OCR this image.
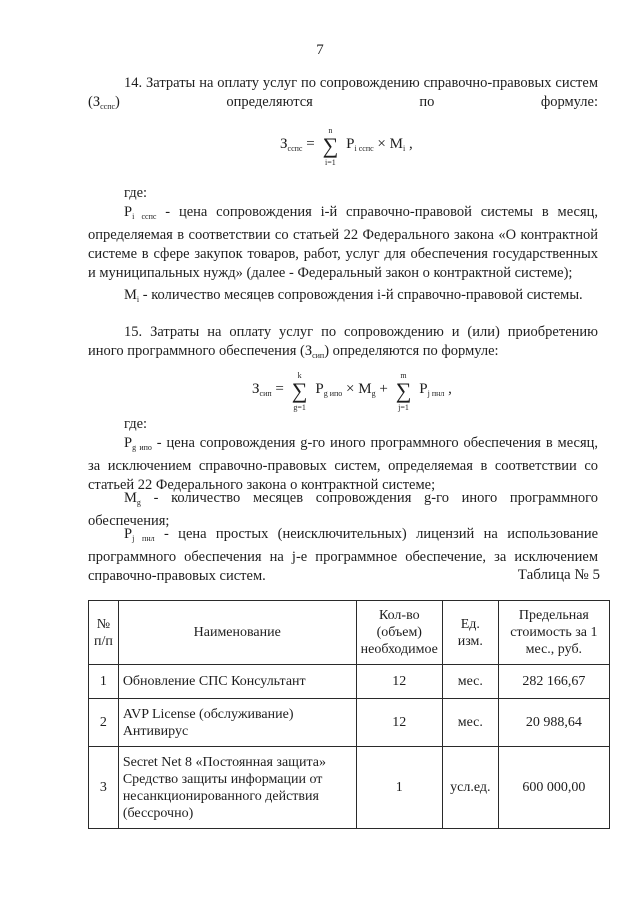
7
14. Затраты на оплату услуг по сопровождению справочно-правовых систем $(З_{сспс})$ определяются по формуле:
$З_{сспс}$ = ∑
n
i=1
$P_{i сспс} \times M_i$ ,
где:
$P_{i сспс}$ - цена сопровождения i-й справочно-правовой системы в месяц, определяемая в соответствии со статьей 22 Федерального закона «О контрактной системе в сфере закупок товаров, работ, услуг для обеспечения государственных и муниципальных нужд» (далее - Федеральный закон о контрактной системе);
$M_i$ - количество месяцев сопровождения i-й справочно-правовой системы.
15. Затраты на оплату услуг по сопровождению и (или) приобретению иного программного обеспечения $(З_{сип})$ определяются по формуле:
$З_{сип}$ = ∑
k
g=1
$P_{g ипо} \times M_g$ + ∑
m
j=1
$P_{j пнл}$ ,
где:
$P_{g ипо}$ - цена сопровождения g-го иного программного обеспечения в месяц, за исключением справочно-правовых систем, определяемая в соответствии со статьей 22 Федерального закона о контрактной системе;
$M_g$ - количество месяцев сопровождения g-го иного программного обеспечения;
$P_{j пнл}$ - цена простых (неисключительных) лицензий на использование программного обеспечения на j-е программное обеспечение, за исключением справочно-правовых систем.	Таблица № 5
№ п/п	Наименование	Кол-во (объем) необходимое	Ед. изм.	Предельная стоимость за 1 мес., руб.
1	Обновление СПС Консультант	12	мес.	282 166,67
2	AVP License (обслуживание) Антивирус	12	мес.	20 988,64
3	Secret Net 8 «Постоянная защита» Средство защиты информации от несанкционированного действия (бессрочно)	1	усл.ед.	600 000,00
